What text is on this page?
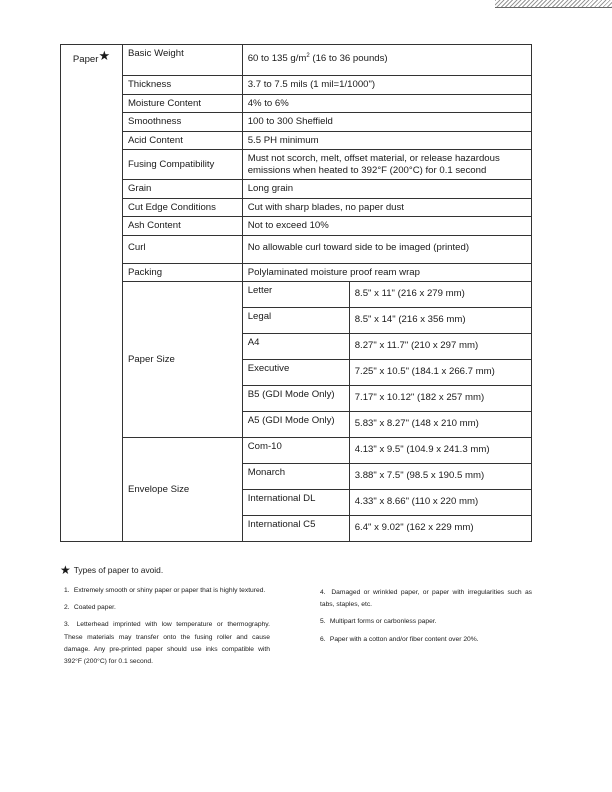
Paper★	Basic Weight	60 to 135 $g/m^2$ (16 to 36 pounds)
Thickness	3.7 to 7.5 mils (1 mil=1/1000")
Moisture Content	4% to 6%
Smoothness	100 to 300 Sheffield
Acid Content	5.5 PH minimum
Fusing Compatibility	Must not scorch, melt, offset material, or release hazardous emissions when heated to 392°F (200°C) for 0.1 second
Grain	Long grain
Cut Edge Conditions	Cut with sharp blades, no paper dust
Ash Content	Not to exceed 10%
Curl	No allowable curl toward side to be imaged (printed)
Packing	Polylaminated moisture proof ream wrap
Paper Size	
Letter	8.5" x 11" (216 x 279 mm)
Legal	8.5" x 14" (216 x 356 mm)
A4	8.27" x 11.7" (210 x 297 mm)
Executive	7.25" x 10.5" (184.1 x 266.7 mm)
B5 (GDI Mode Only)	7.17" x 10.12" (182 x 257 mm)
A5 (GDI Mode Only)	5.83" x 8.27" (148 x 210 mm)

Envelope Size	
Com-10	4.13" x 9.5" (104.9 x 241.3 mm)
Monarch	3.88" x 7.5" (98.5 x 190.5 mm)
International DL	4.33" x 8.66" (110 x 220 mm)
International C5	6.4" x 9.02" (162 x 229 mm)
★ Types of paper to avoid.
1. Extremely smooth or shiny paper or paper that is highly textured.
2. Coated paper.
3. Letterhead imprinted with low temperature or thermography. These materials may transfer onto the fusing roller and cause damage. Any pre-printed paper should use inks compatible with 392°F (200°C) for 0.1 second.
4. Damaged or wrinkled paper, or paper with irregularities such as tabs, staples, etc.
5. Multipart forms or carbonless paper.
6. Paper with a cotton and/or fiber content over 20%.
